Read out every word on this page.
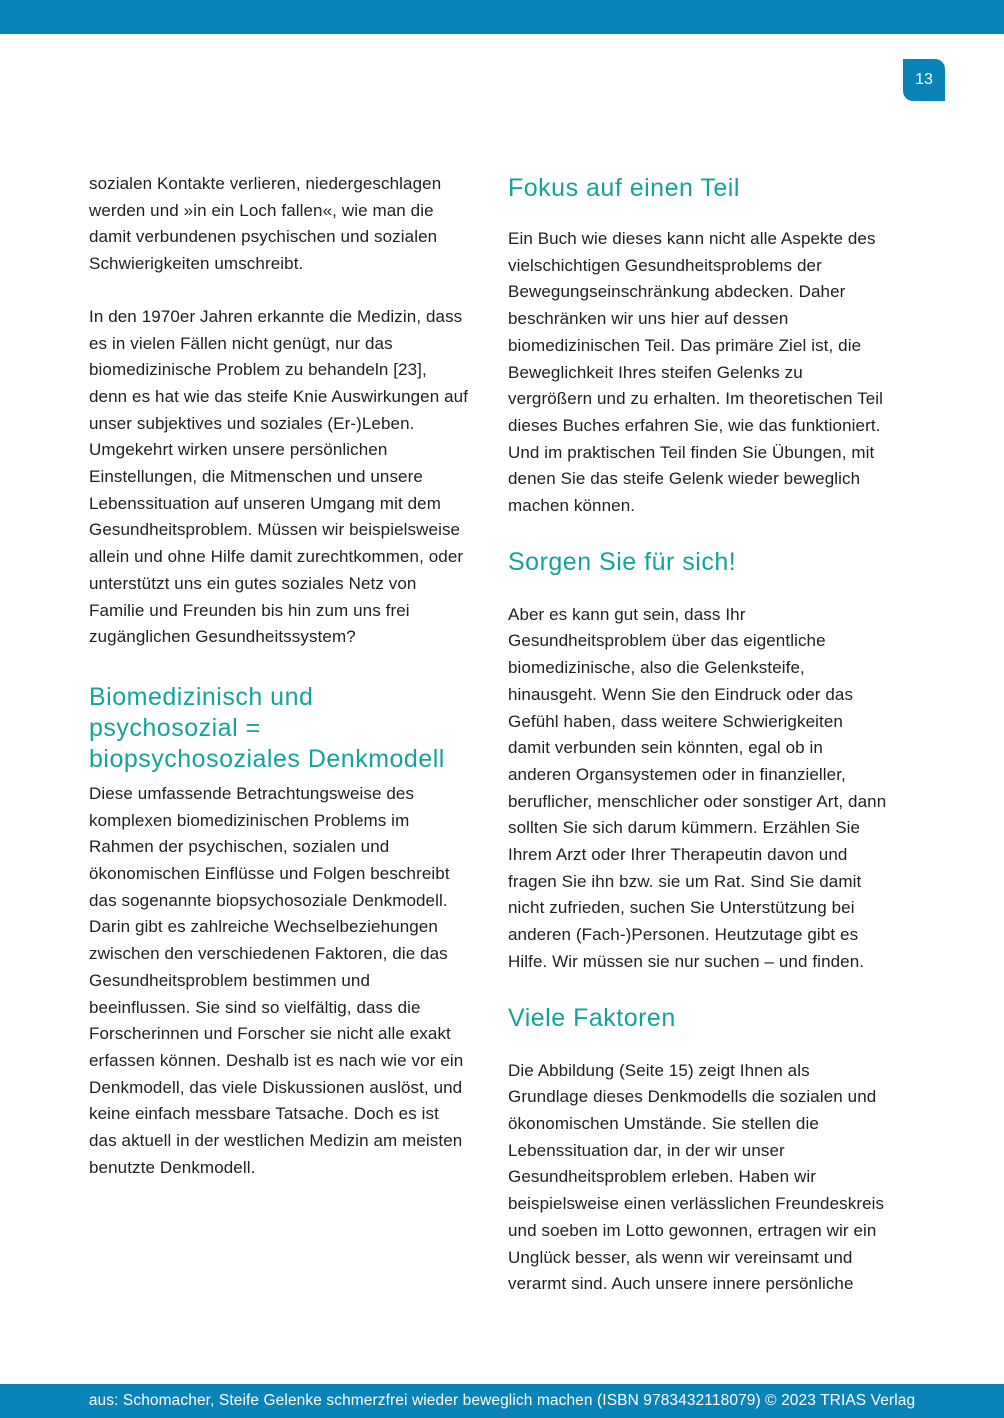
13

sozialen Kontakte verlieren, niedergeschlagen werden und »in ein Loch fallen«, wie man die damit verbundenen psychischen und sozialen Schwierigkeiten umschreibt.

In den 1970er Jahren erkannte die Medizin, dass es in vielen Fällen nicht genügt, nur das biomedizinische Problem zu behandeln [23], denn es hat wie das steife Knie Auswirkungen auf unser subjektives und soziales (Er-)Leben. Umgekehrt wirken unsere persönlichen Einstellungen, die Mitmenschen und unsere Lebenssituation auf unseren Umgang mit dem Gesundheitsproblem. Müssen wir beispielsweise allein und ohne Hilfe damit zurechtkommen, oder unterstützt uns ein gutes soziales Netz von Familie und Freunden bis hin zum uns frei zugänglichen Gesundheitssystem?

Biomedizinisch und psychosozial = biopsychosoziales Denkmodell

Diese umfassende Betrachtungsweise des komplexen biomedizinischen Problems im Rahmen der psychischen, sozialen und ökonomischen Einflüsse und Folgen beschreibt das sogenannte biopsychosoziale Denkmodell. Darin gibt es zahlreiche Wechselbeziehungen zwischen den verschiedenen Faktoren, die das Gesundheitsproblem bestimmen und beeinflussen. Sie sind so vielfältig, dass die Forscherinnen und Forscher sie nicht alle exakt erfassen können. Deshalb ist es nach wie vor ein Denkmodell, das viele Diskussionen auslöst, und keine einfach messbare Tatsache. Doch es ist das aktuell in der westlichen Medizin am meisten benutzte Denkmodell.

Fokus auf einen Teil

Ein Buch wie dieses kann nicht alle Aspekte des vielschichtigen Gesundheitsproblems der Bewegungseinschränkung abdecken. Daher beschränken wir uns hier auf dessen biomedizinischen Teil. Das primäre Ziel ist, die Beweglichkeit Ihres steifen Gelenks zu vergrößern und zu erhalten. Im theoretischen Teil dieses Buches erfahren Sie, wie das funktioniert. Und im praktischen Teil finden Sie Übungen, mit denen Sie das steife Gelenk wieder beweglich machen können.

Sorgen Sie für sich!

Aber es kann gut sein, dass Ihr Gesundheitsproblem über das eigentliche biomedizinische, also die Gelenksteife, hinausgeht. Wenn Sie den Eindruck oder das Gefühl haben, dass weitere Schwierigkeiten damit verbunden sein könnten, egal ob in anderen Organsystemen oder in finanzieller, beruflicher, menschlicher oder sonstiger Art, dann sollten Sie sich darum kümmern. Erzählen Sie Ihrem Arzt oder Ihrer Therapeutin davon und fragen Sie ihn bzw. sie um Rat. Sind Sie damit nicht zufrieden, suchen Sie Unterstützung bei anderen (Fach-)Personen. Heutzutage gibt es Hilfe. Wir müssen sie nur suchen – und finden.

Viele Faktoren

Die Abbildung (Seite 15) zeigt Ihnen als Grundlage dieses Denkmodells die sozialen und ökonomischen Umstände. Sie stellen die Lebenssituation dar, in der wir unser Gesundheitsproblem erleben. Haben wir beispielsweise einen verlässlichen Freundeskreis und soeben im Lotto gewonnen, ertragen wir ein Unglück besser, als wenn wir vereinsamt und verarmt sind. Auch unsere innere persönliche

aus: Schomacher, Steife Gelenke schmerzfrei wieder beweglich machen (ISBN 9783432118079) © 2023 TRIAS Verlag
